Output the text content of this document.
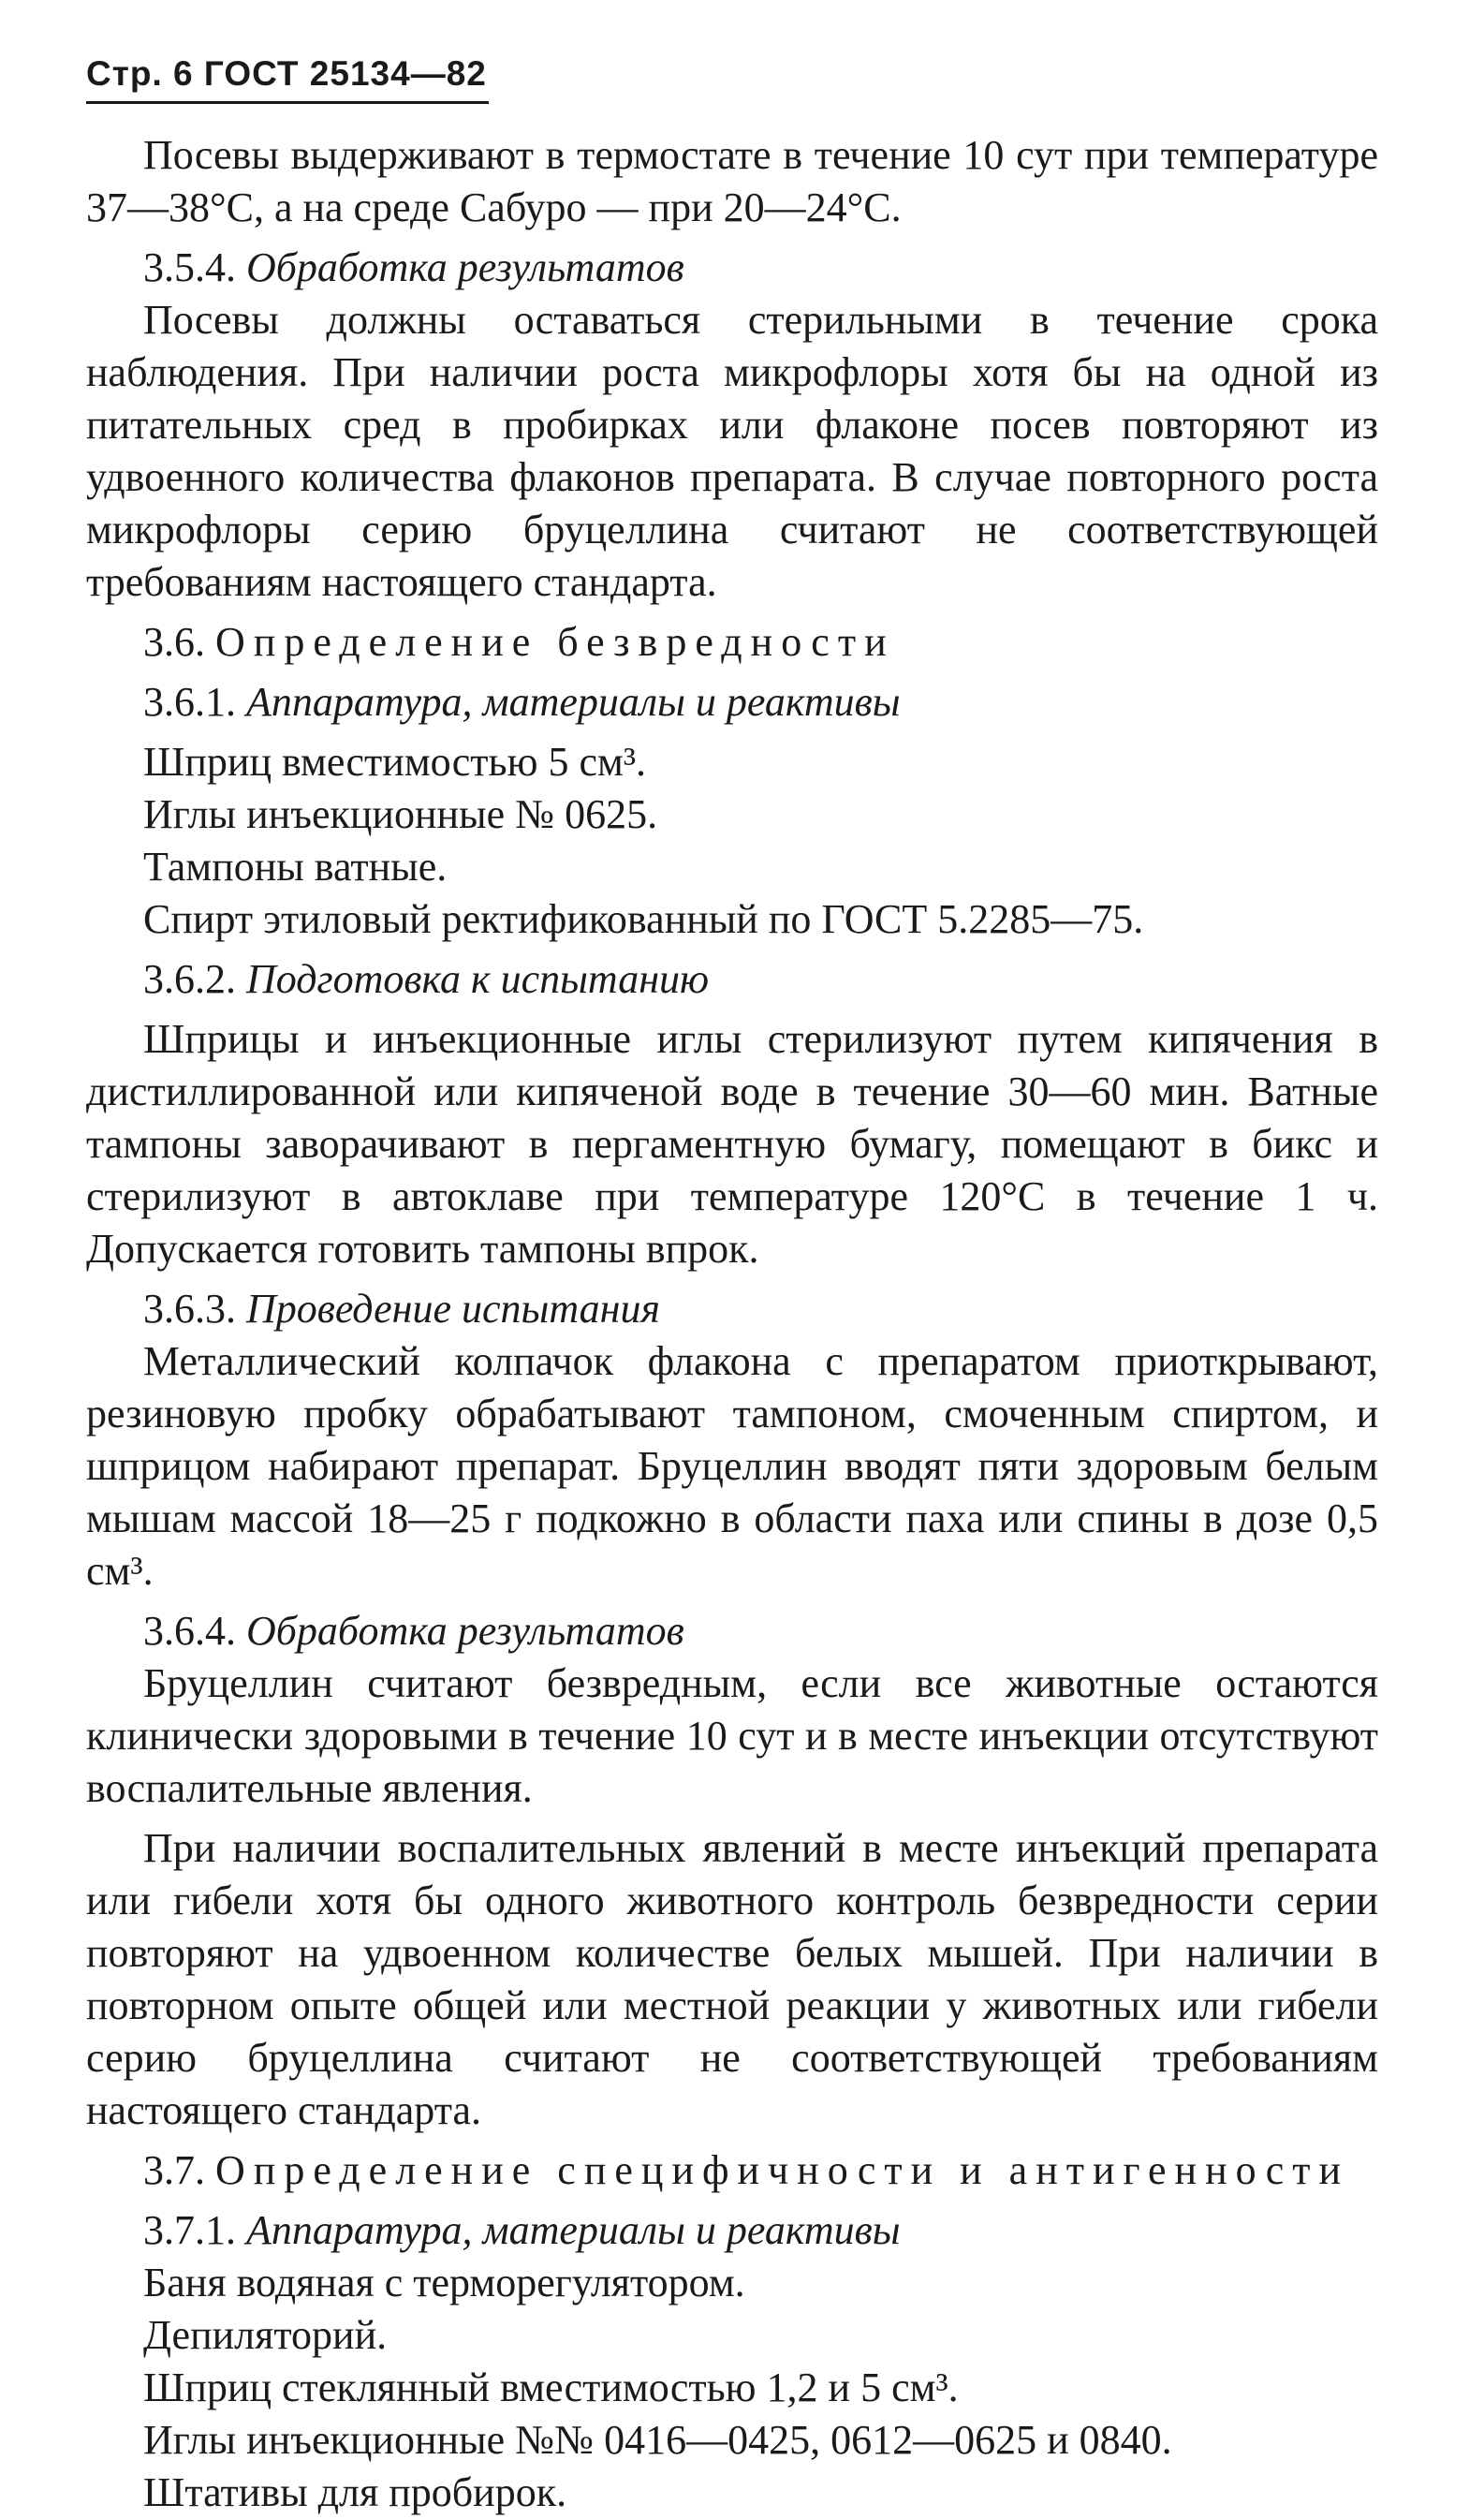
Стр. 6 ГОСТ 25134—82

Посевы выдерживают в термостате в течение 10 сут при температуре 37—38°С, а на среде Сабуро — при 20—24°С.

3.5.4. Обработка результатов

Посевы должны оставаться стерильными в течение срока наблюдения. При наличии роста микрофлоры хотя бы на одной из питательных сред в пробирках или флаконе посев повторяют из удвоенного количества флаконов препарата. В случае повторного роста микрофлоры серию бруцеллина считают не соответствующей требованиям настоящего стандарта.

3.6. Определение безвредности

3.6.1. Аппаратура, материалы и реактивы

Шприц вместимостью 5 см³.

Иглы инъекционные № 0625.

Тампоны ватные.

Спирт этиловый ректификованный по ГОСТ 5.2285—75.

3.6.2. Подготовка к испытанию

Шприцы и инъекционные иглы стерилизуют путем кипячения в дистиллированной или кипяченой воде в течение 30—60 мин. Ватные тампоны заворачивают в пергаментную бумагу, помещают в бикс и стерилизуют в автоклаве при температуре 120°С в течение 1 ч. Допускается готовить тампоны впрок.

3.6.3. Проведение испытания

Металлический колпачок флакона с препаратом приоткрывают, резиновую пробку обрабатывают тампоном, смоченным спиртом, и шприцом набирают препарат. Бруцеллин вводят пяти здоровым белым мышам массой 18—25 г подкожно в области паха или спины в дозе 0,5 см³.

3.6.4. Обработка результатов

Бруцеллин считают безвредным, если все животные остаются клинически здоровыми в течение 10 сут и в месте инъекции отсутствуют воспалительные явления.

При наличии воспалительных явлений в месте инъекций препарата или гибели хотя бы одного животного контроль безвредности серии повторяют на удвоенном количестве белых мышей. При наличии в повторном опыте общей или местной реакции у животных или гибели серию бруцеллина считают не соответствующей требованиям настоящего стандарта.

3.7. Определение специфичности и антигенности

3.7.1. Аппаратура, материалы и реактивы

Баня водяная с терморегулятором.

Депиляторий.

Шприц стеклянный вместимостью 1,2 и 5 см³.

Иглы инъекционные №№ 0416—0425, 0612—0625 и 0840.

Штативы для пробирок.
